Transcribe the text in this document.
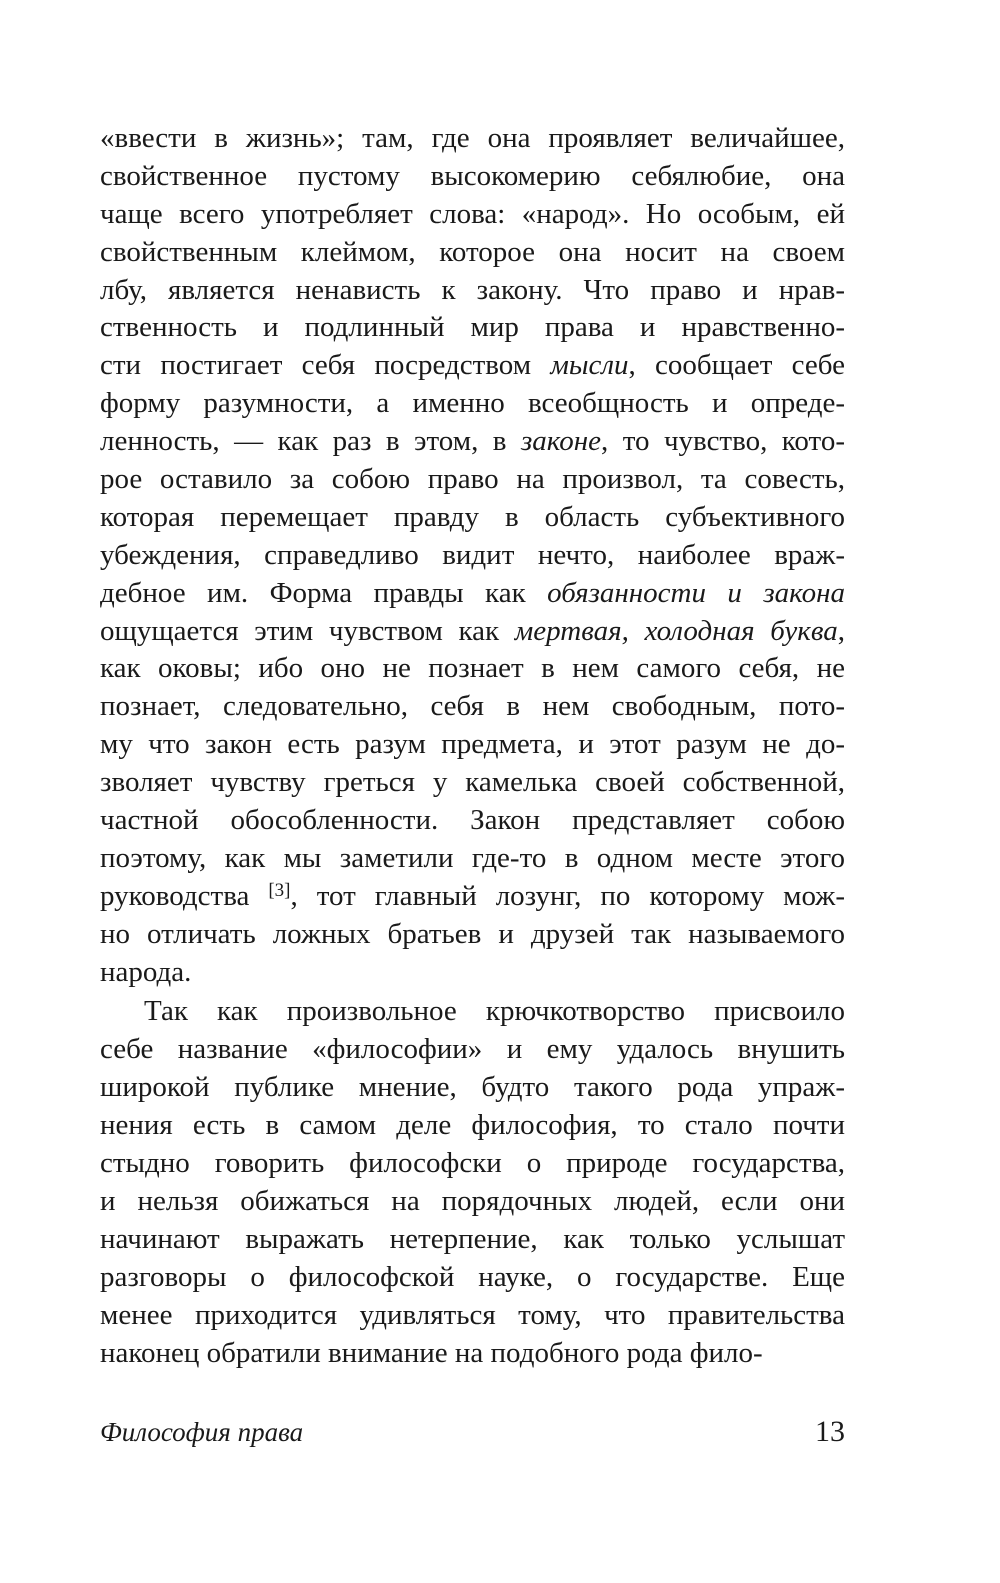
«ввести в жизнь»; там, где она проявляет величайшее,
свойственное пустому высокомерию себялюбие, она
чаще всего употребляет слова: «народ». Но особым, ей
свойственным клеймом, которое она носит на своем
лбу, является ненависть к закону. Что право и нрав-
ственность и подлинный мир права и нравственно-
сти постигает себя посредством мысли, сообщает себе
форму разумности, а именно всеобщность и опреде-
ленность, — как раз в этом, в законе, то чувство, кото-
рое оставило за собою право на произвол, та совесть,
которая перемещает правду в область субъективного
убеждения, справедливо видит нечто, наиболее враж-
дебное им. Форма правды как обязанности и закона
ощущается этим чувством как мертвая, холодная буква,
как оковы; ибо оно не познает в нем самого себя, не
познает, следовательно, себя в нем свободным, пото-
му что закон есть разум предмета, и этот разум не до-
зволяет чувству греться у камелька своей собственной,
частной обособленности. Закон представляет собою
поэтому, как мы заметили где-то в одном месте этого
руководства [3], тот главный лозунг, по которому мож-
но отличать ложных братьев и друзей так называемого
народа.
Так как произвольное крючкотворство присвоило
себе название «философии» и ему удалось внушить
широкой публике мнение, будто такого рода упраж-
нения есть в самом деле философия, то стало почти
стыдно говорить философски о природе государства,
и нельзя обижаться на порядочных людей, если они
начинают выражать нетерпение, как только услышат
разговоры о философской науке, о государстве. Еще
менее приходится удивляться тому, что правительства
наконец обратили внимание на подобного рода фило-
Философия права	13
